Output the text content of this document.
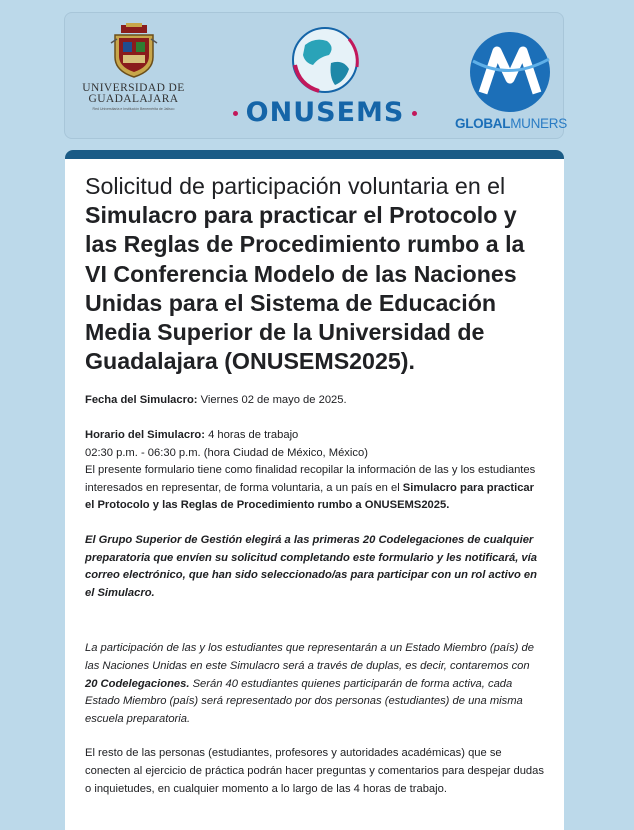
UNIVERSIDAD DE
GUADALAJARA
Red Universitaria e Institución Benemérita de Jalisco	ONUSEMS	GLOBALMUNERS
Solicitud de participación voluntaria en el Simulacro para practicar el Protocolo y las Reglas de Procedimiento rumbo a la VI Conferencia Modelo de las Naciones Unidas para el Sistema de Educación Media Superior de la Universidad de Guadalajara (ONUSEMS2025).

Fecha del Simulacro: Viernes 02 de mayo de 2025.

Horario del Simulacro: 4 horas de trabajo

02:30 p.m. - 06:30 p.m. (hora Ciudad de México, México)

El presente formulario tiene como finalidad recopilar la información de las y los estudiantes interesados en representar, de forma voluntaria, a un país en el Simulacro para practicar el Protocolo y las Reglas de Procedimiento rumbo a ONUSEMS2025.

El Grupo Superior de Gestión elegirá a las primeras 20 Codelegaciones de cualquier preparatoria que envíen su solicitud completando este formulario y les notificará, vía correo electrónico, que han sido seleccionado/as para participar con un rol activo en el Simulacro.

La participación de las y los estudiantes que representarán a un Estado Miembro (país) de las Naciones Unidas en este Simulacro será a través de duplas, es decir, contaremos con 20 Codelegaciones. Serán 40 estudiantes quienes participarán de forma activa, cada Estado Miembro (país) será representado por dos personas (estudiantes) de una misma escuela preparatoria.

El resto de las personas (estudiantes, profesores y autoridades académicas) que se conecten al ejercicio de práctica podrán hacer preguntas y comentarios para despejar dudas o inquietudes, en cualquier momento a lo largo de las 4 horas de trabajo.
